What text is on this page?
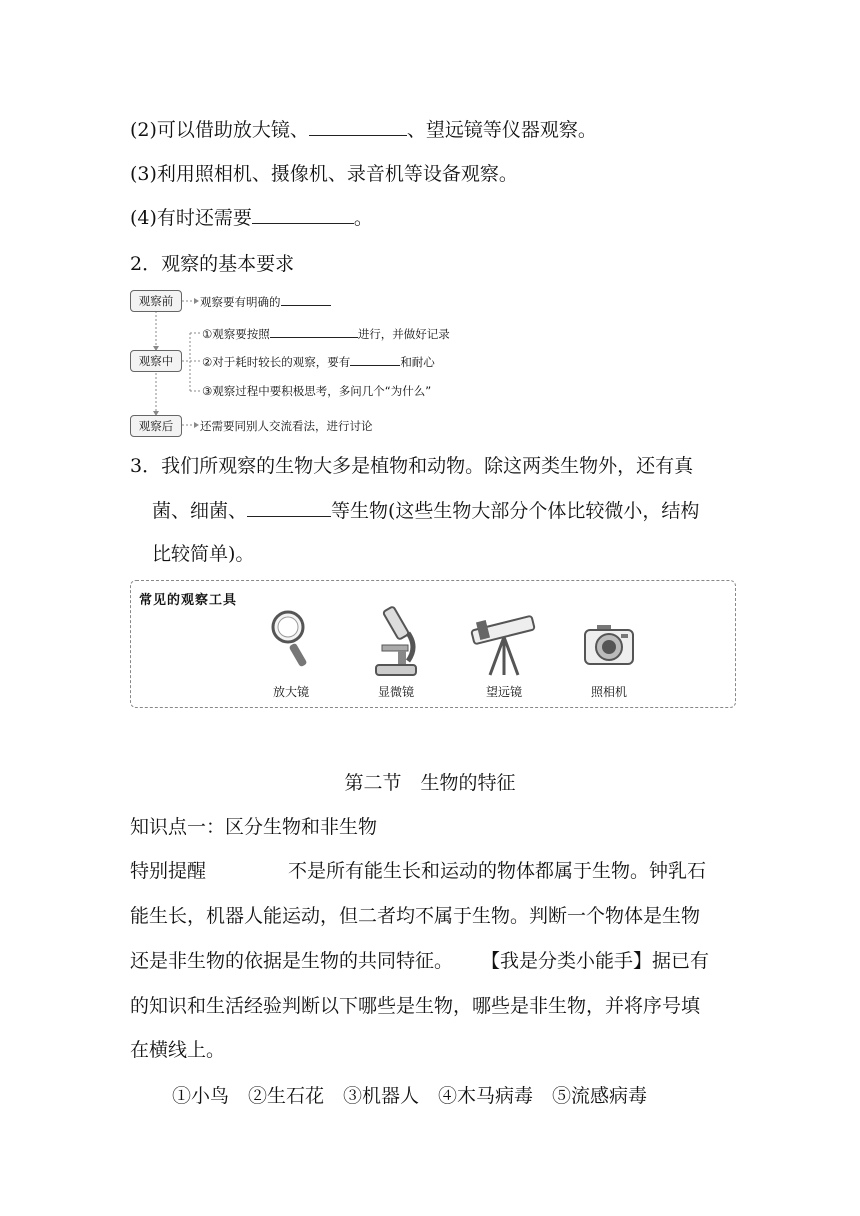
(2)可以借助放大镜、	、望远镜等仪器观察。
(3)利用照相机、摄像机、录音机等设备观察。
(4)有时还需要	。
2．观察的基本要求
观察前	观察要有明确的
观察中
①观察要按照	进行，并做好记录
②对于耗时较长的观察，要有	和耐心
③观察过程中要积极思考，多问几个“为什么”
观察后	还需要同别人交流看法，进行讨论
3．我们所观察的生物大多是植物和动物。除这两类生物外，还有真
菌、细菌、	等生物(这些生物大部分个体比较微小，结构
比较简单)。
常见的观察工具
放大镜	显微镜	望远镜	照相机
第二节　生物的特征
知识点一：区分生物和非生物
特别提醒	不是所有能生长和运动的物体都属于生物。钟乳石
能生长，机器人能运动，但二者均不属于生物。判断一个物体是生物
还是非生物的依据是生物的共同特征。 【我是分类小能手】据已有
的知识和生活经验判断以下哪些是生物，哪些是非生物，并将序号填
在横线上。
①小鸟　②生石花　③机器人　④木马病毒　⑤流感病毒
